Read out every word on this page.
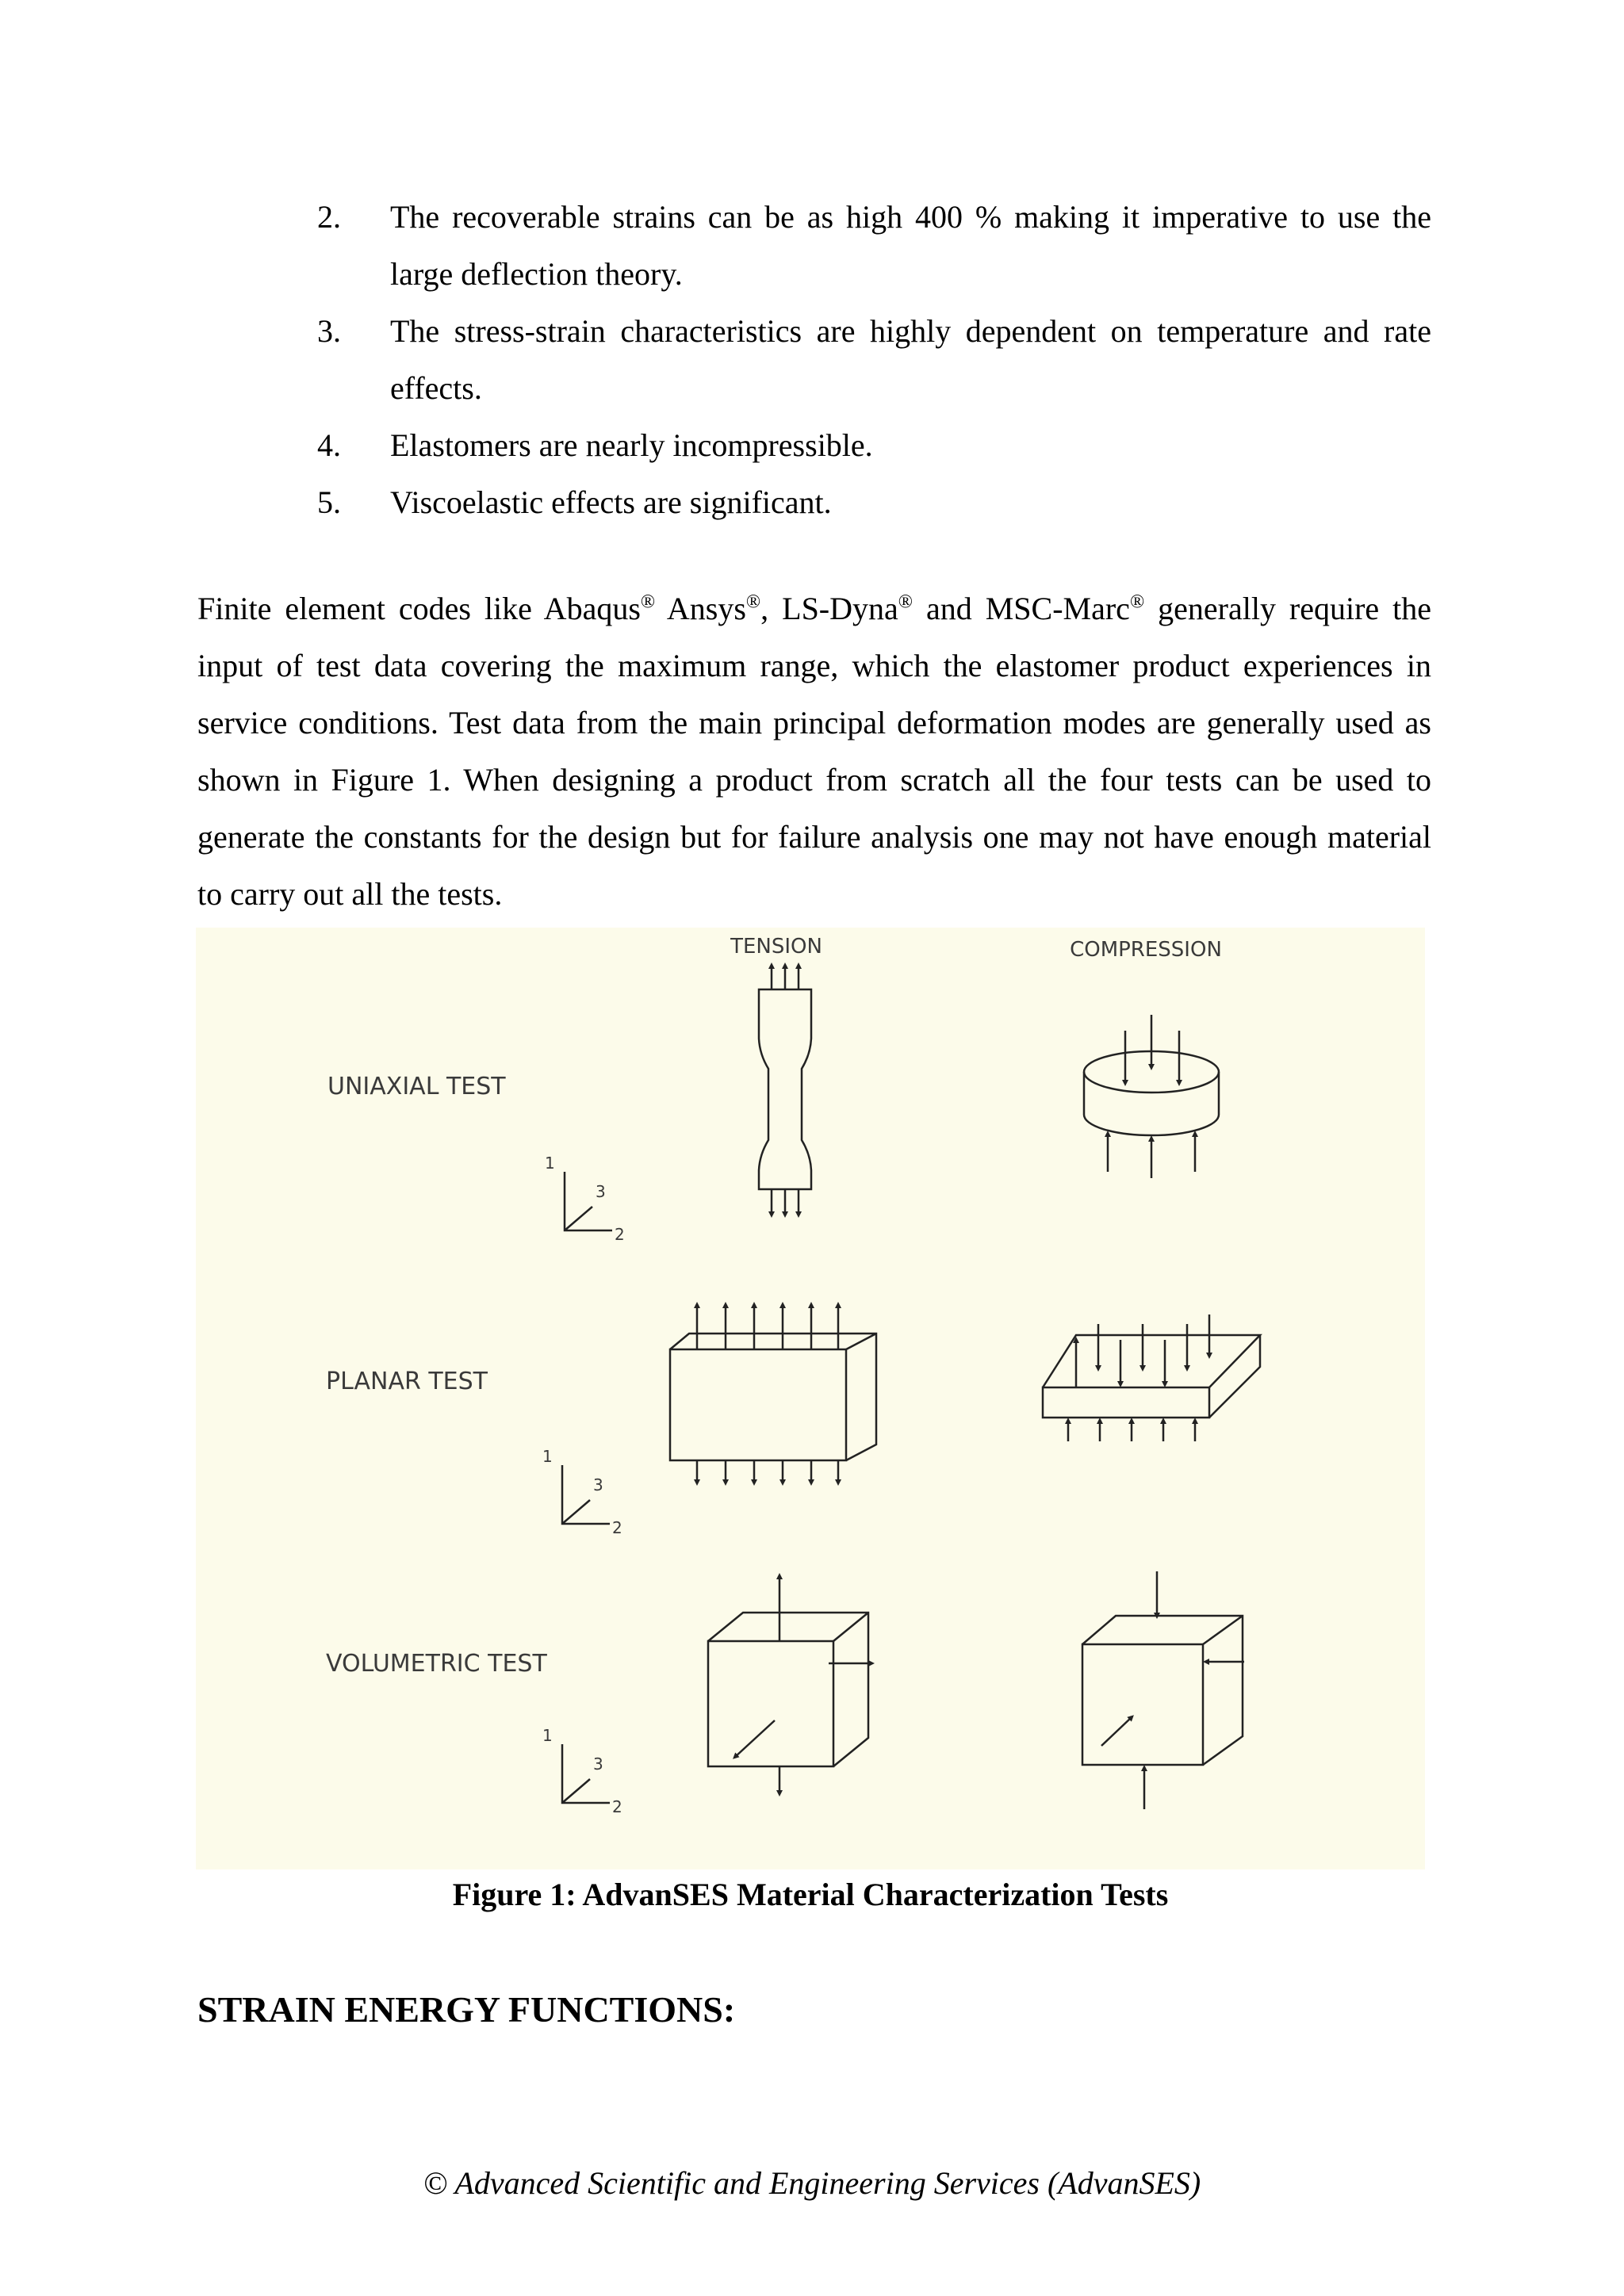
2.	The recoverable strains can be as high 400 % making it imperative to use the large deflection theory.
3.	The stress-strain characteristics are highly dependent on temperature and rate effects.
4.	Elastomers are nearly incompressible.
5.	Viscoelastic effects are significant.

Finite element codes like Abaqus® Ansys®, LS-Dyna® and MSC-Marc® generally require the input of test data covering the maximum range, which the elastomer product experiences in service conditions. Test data from the main principal deformation modes are generally used as shown in Figure 1. When designing a product from scratch all the four tests can be used to generate the constants for the design but for failure analysis one may not have enough material to carry out all the tests.

TENSION	COMPRESSION
UNIAXIAL TEST
PLANAR TEST
VOLUMETRIC TEST
1
3
2
1
3
2
1
3
2
Figure 1: AdvanSES Material Characterization Tests
STRAIN ENERGY FUNCTIONS:
© Advanced Scientific and Engineering Services (AdvanSES)
